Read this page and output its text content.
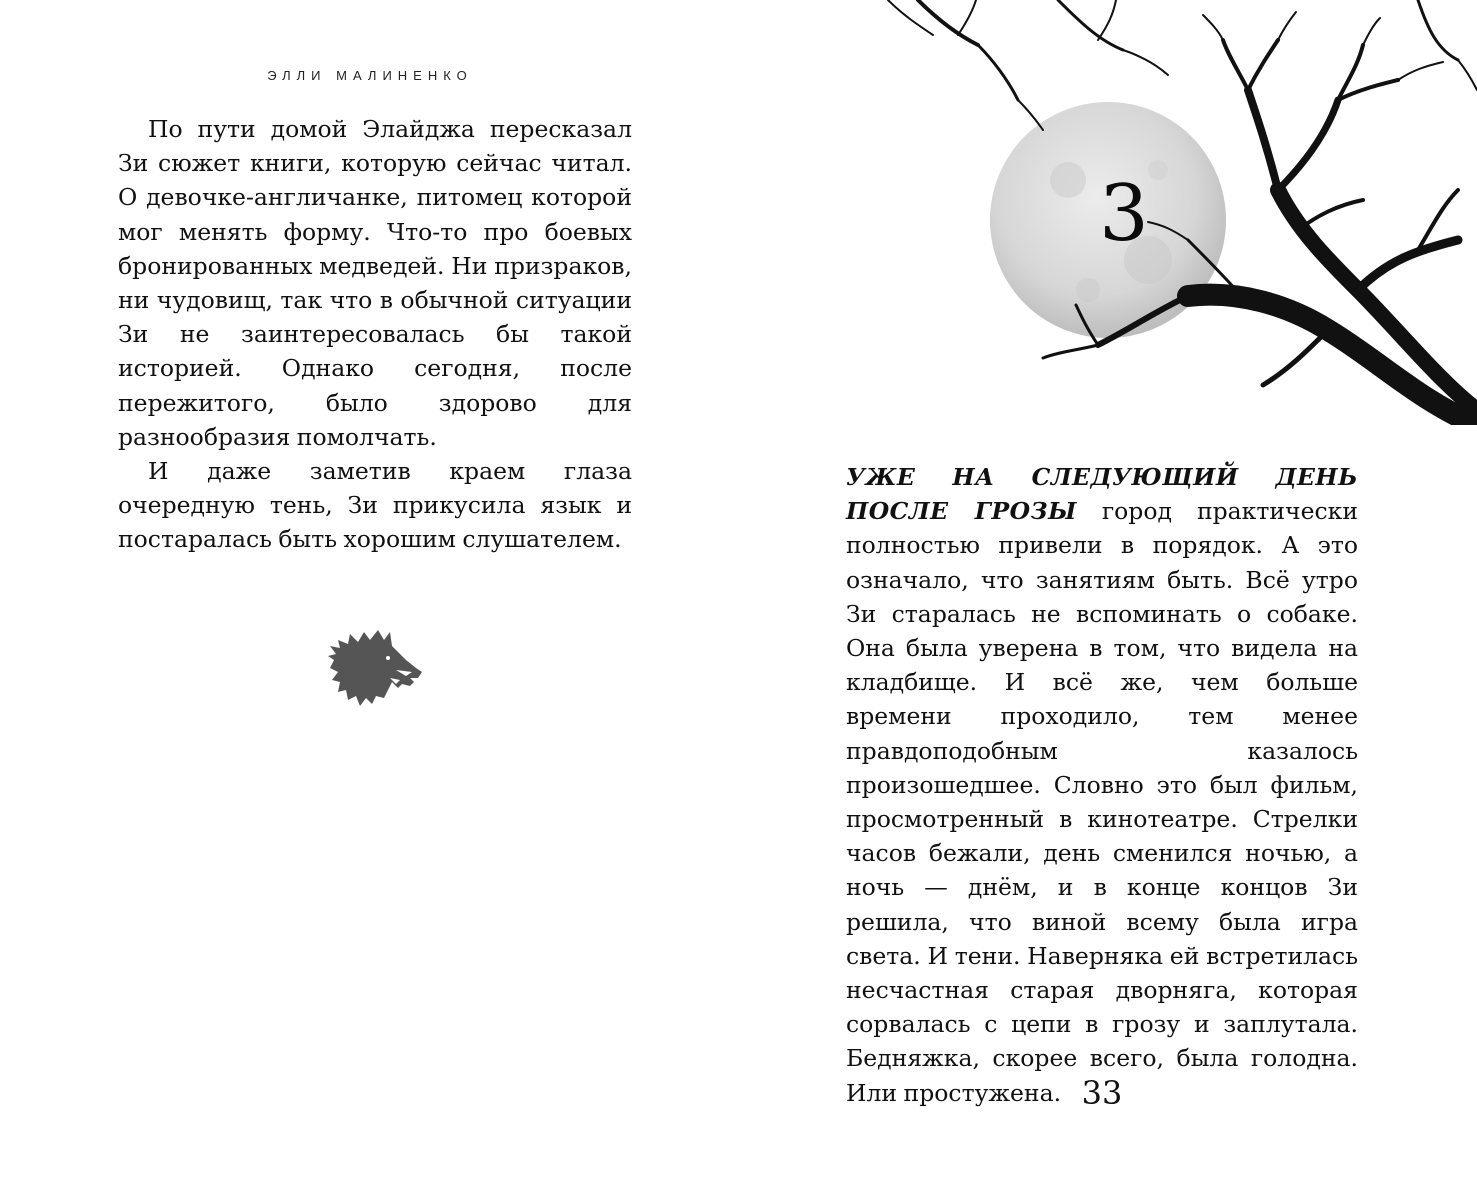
ЭЛЛИ МАЛИНЕНКО

По пути домой Элайджа пересказал Зи сюжет книги, которую сейчас читал. О девочке-англичанке, питомец которой мог менять форму. Что-то про боевых бронированных медведей. Ни призраков, ни чудовищ, так что в обычной ситуации Зи не заинтересовалась бы такой историей. Однако сегодня, после пережитого, было здорово для разнообразия помолчать.

И даже заметив краем глаза очередную тень, Зи прикусила язык и постаралась быть хорошим слушателем.

3

УЖЕ НА СЛЕДУЮЩИЙ ДЕНЬ ПОСЛЕ ГРОЗЫ город практически полностью привели в порядок. А это означало, что занятиям быть. Всё утро Зи старалась не вспоминать о собаке. Она была уверена в том, что видела на кладбище. И всё же, чем больше времени проходило, тем менее правдоподобным казалось произошедшее. Словно это был фильм, просмотренный в кинотеатре. Стрелки часов бежали, день сменился ночью, а ночь — днём, и в конце концов Зи решила, что виной всему была игра света. И тени. Наверняка ей встретилась несчастная старая дворняга, которая сорвалась с цепи в грозу и заплутала. Бедняжка, скорее всего, была голодна. Или простужена. 33
